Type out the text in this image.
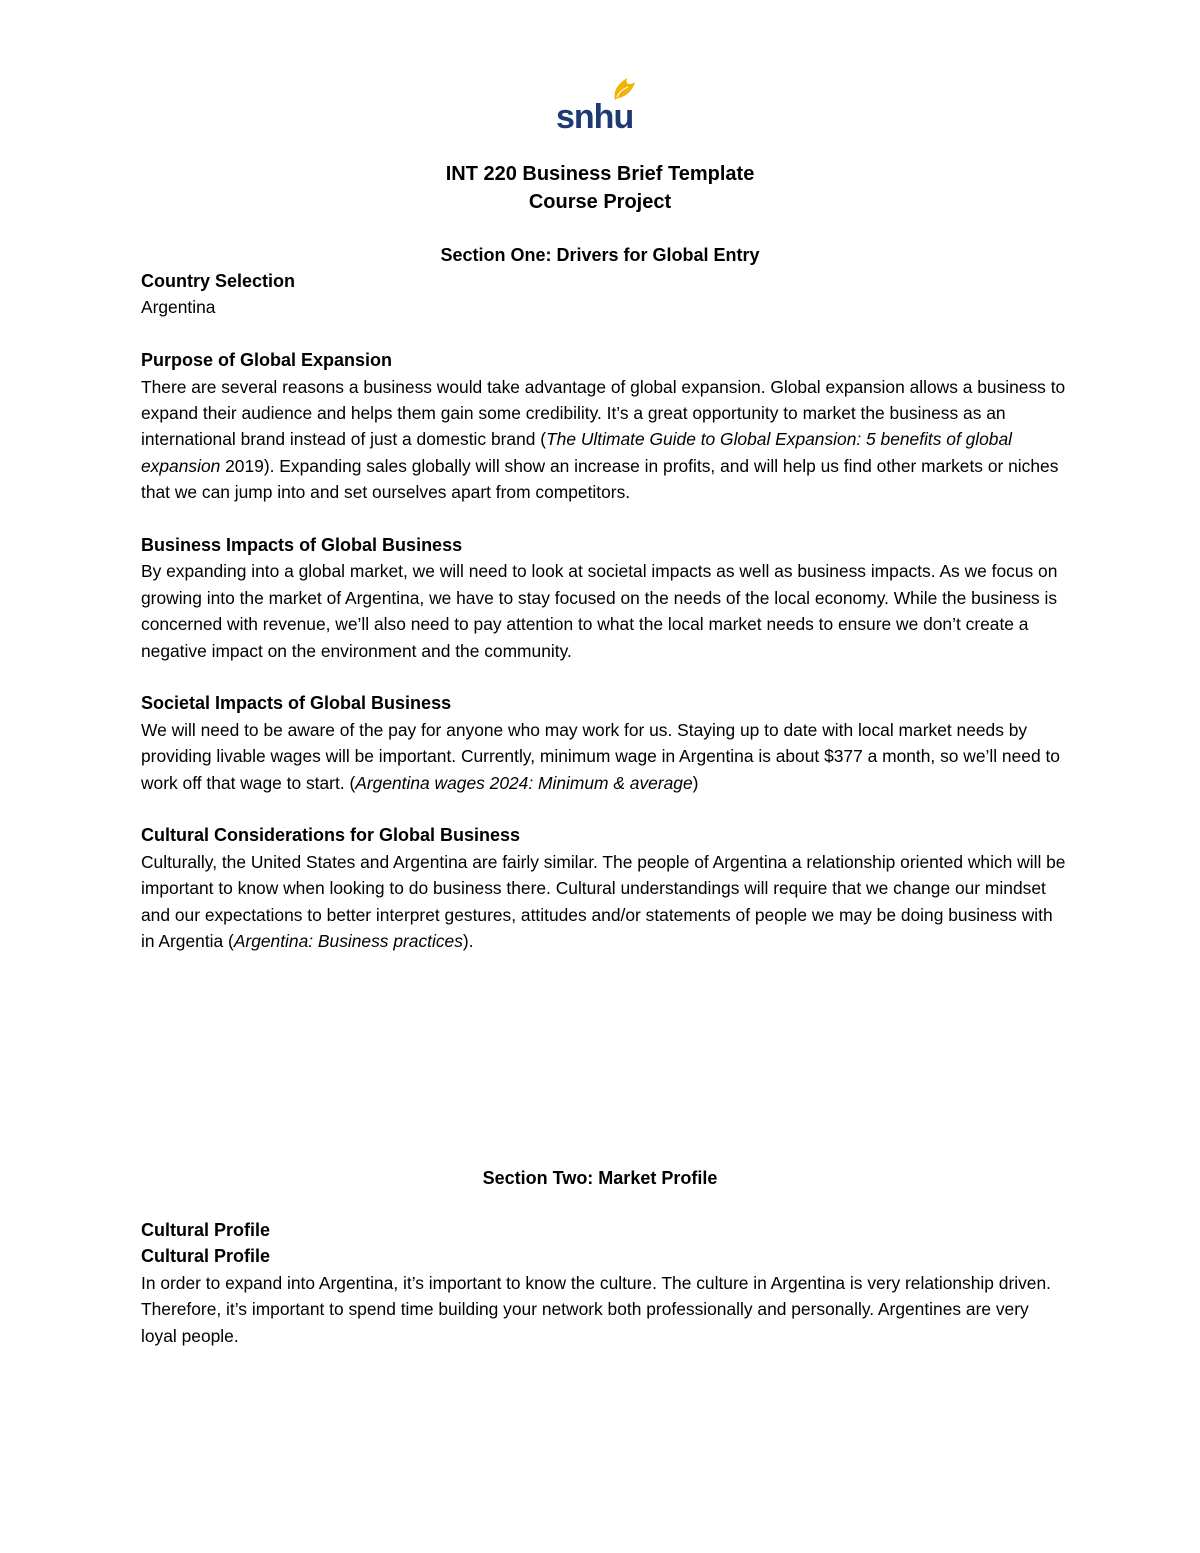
snhu
INT 220 Business Brief Template
Course Project
Section One: Drivers for Global Entry

Country Selection

Argentina

Purpose of Global Expansion

There are several reasons a business would take advantage of global expansion. Global expansion allows a business to expand their audience and helps them gain some credibility. It’s a great opportunity to market the business as an international brand instead of just a domestic brand (The Ultimate Guide to Global Expansion: 5 benefits of global expansion 2019). Expanding sales globally will show an increase in profits, and will help us find other markets or niches that we can jump into and set ourselves apart from competitors.

Business Impacts of Global Business

By expanding into a global market, we will need to look at societal impacts as well as business impacts. As we focus on growing into the market of Argentina, we have to stay focused on the needs of the local economy. While the business is concerned with revenue, we’ll also need to pay attention to what the local market needs to ensure we don’t create a negative impact on the environment and the community.

Societal Impacts of Global Business

We will need to be aware of the pay for anyone who may work for us. Staying up to date with local market needs by providing livable wages will be important. Currently, minimum wage in Argentina is about $377 a month, so we’ll need to work off that wage to start. (Argentina wages 2024: Minimum & average)

Cultural Considerations for Global Business

Culturally, the United States and Argentina are fairly similar. The people of Argentina a relationship oriented which will be important to know when looking to do business there. Cultural understandings will require that we change our mindset and our expectations to better interpret gestures, attitudes and/or statements of people we may be doing business with in Argentia (Argentina: Business practices).

Section Two: Market Profile

Cultural Profile

Cultural Profile

In order to expand into Argentina, it’s important to know the culture. The culture in Argentina is very relationship driven. Therefore, it’s important to spend time building your network both professionally and personally. Argentines are very loyal people.
